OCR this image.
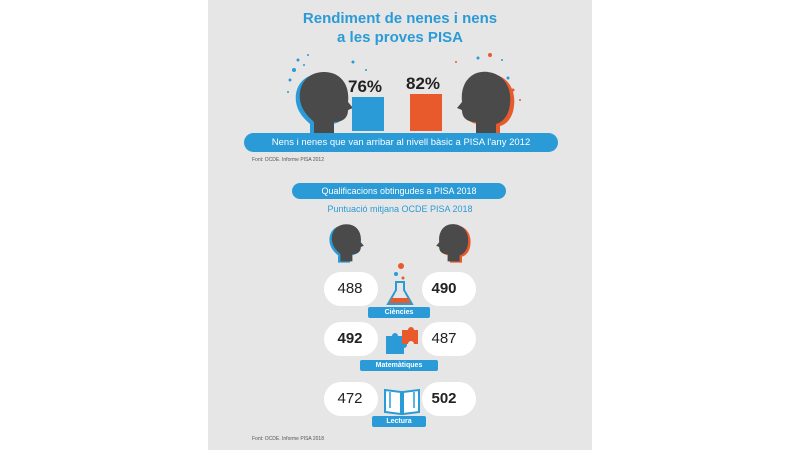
Rendiment de nenes i nens
a les proves PISA
76% 82%
Nens i nenes que van arribar al nivell bàsic a PISA l'any 2012
Font: OCDE. Informe PISA 2012
Qualificacions obtingudes a PISA 2018
Puntuació mitjana OCDE PISA 2018
488	490
Ciències
492	487
Matemàtiques
472	502
Lectura
Font: OCDE. Informe PISA 2018
